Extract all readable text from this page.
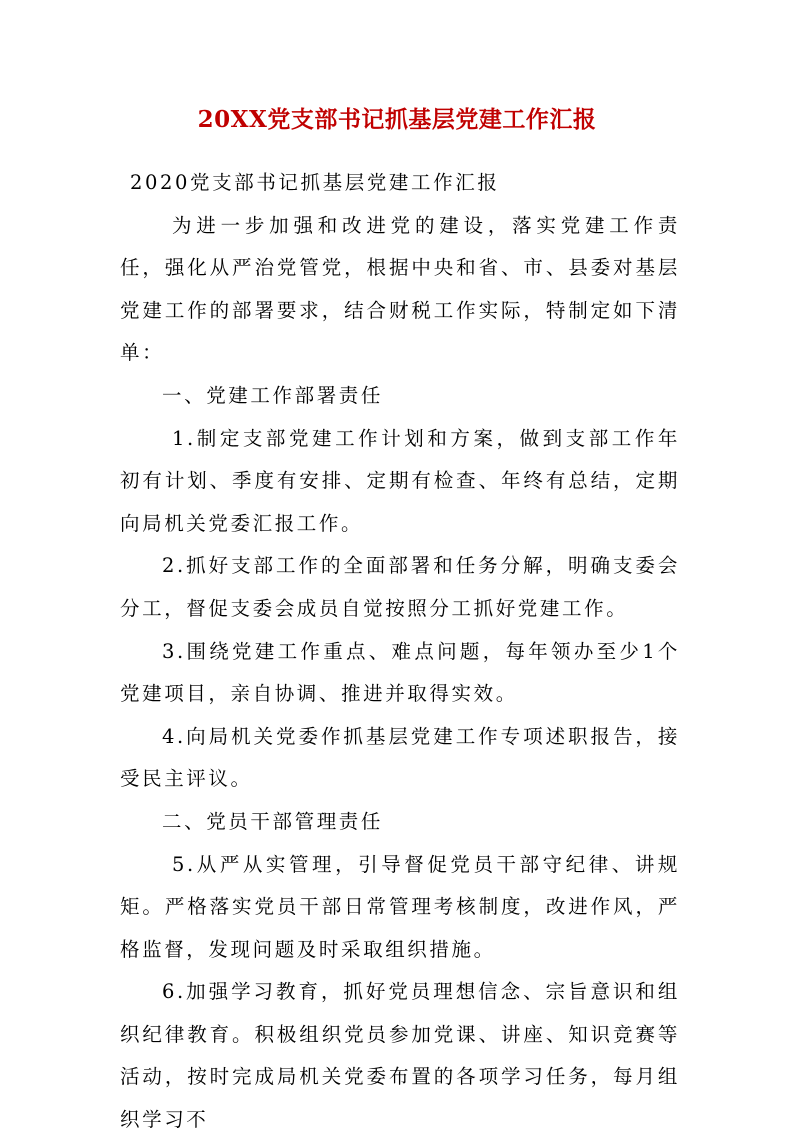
20XX党支部书记抓基层党建工作汇报

2020党支部书记抓基层党建工作汇报

为进一步加强和改进党的建设，落实党建工作责任，强化从严治党管党，根据中央和省、市、县委对基层党建工作的部署要求，结合财税工作实际，特制定如下清单：

一、党建工作部署责任

1.制定支部党建工作计划和方案，做到支部工作年初有计划、季度有安排、定期有检查、年终有总结，定期向局机关党委汇报工作。

2.抓好支部工作的全面部署和任务分解，明确支委会分工，督促支委会成员自觉按照分工抓好党建工作。

3.围绕党建工作重点、难点问题，每年领办至少1个党建项目，亲自协调、推进并取得实效。

4.向局机关党委作抓基层党建工作专项述职报告，接受民主评议。

二、党员干部管理责任

5.从严从实管理，引导督促党员干部守纪律、讲规矩。严格落实党员干部日常管理考核制度，改进作风，严格监督，发现问题及时采取组织措施。

6.加强学习教育，抓好党员理想信念、宗旨意识和组织纪律教育。积极组织党员参加党课、讲座、知识竞赛等活动，按时完成局机关党委布置的各项学习任务，每月组织学习不
